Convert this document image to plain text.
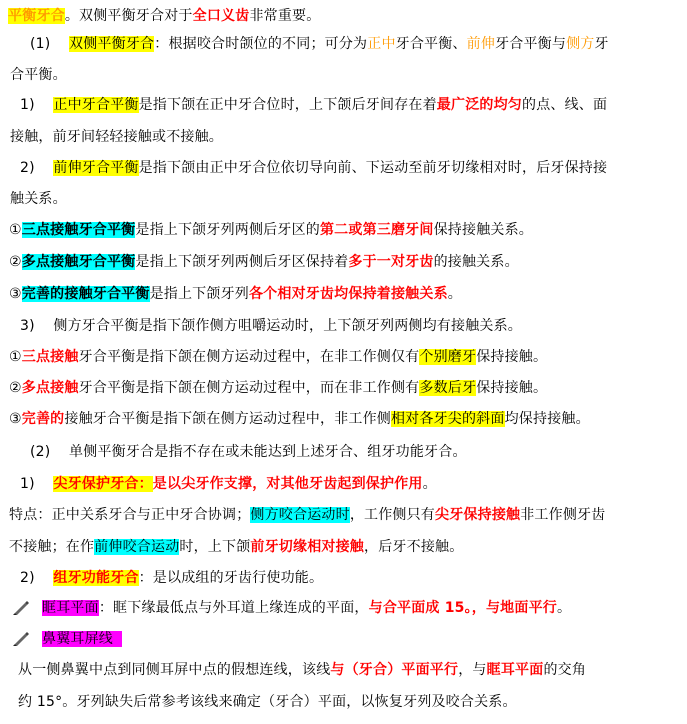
平衡牙合。双侧平衡牙合对于全口义齿非常重要。
(1) 双侧平衡牙合：根据咬合时颌位的不同；可分为正中牙合平衡、前伸牙合平衡与侧方牙
合平衡。
1) 正中牙合平衡是指下颌在正中牙合位时，上下颌后牙间存在着最广泛的均匀的点、线、面
接触，前牙间轻轻接触或不接触。
2) 前伸牙合平衡是指下颌由正中牙合位依切导向前、下运动至前牙切缘相对时，后牙保持接
触关系。
①三点接触牙合平衡是指上下颌牙列两侧后牙区的第二或第三磨牙间保持接触关系。
②多点接触牙合平衡是指上下颌牙列两侧后牙区保持着多于一对牙齿的接触关系。
③完善的接触牙合平衡是指上下颌牙列各个相对牙齿均保持着接触关系。
3) 侧方牙合平衡是指下颌作侧方咀嚼运动时，上下颌牙列两侧均有接触关系。
①三点接触牙合平衡是指下颌在侧方运动过程中，在非工作侧仅有个别磨牙保持接触。
②多点接触牙合平衡是指下颌在侧方运动过程中，而在非工作侧有多数后牙保持接触。
③完善的接触牙合平衡是指下颌在侧方运动过程中，非工作侧相对各牙尖的斜面均保持接触。
(2) 单侧平衡牙合是指不存在或未能达到上述牙合、组牙功能牙合。
1) 尖牙保护牙合：是以尖牙作支撑，对其他牙齿起到保护作用。
特点：正中关系牙合与正中牙合协调；侧方咬合运动时，工作侧只有尖牙保持接触非工作侧牙齿
不接触；在作前伸咬合运动时，上下颌前牙切缘相对接触，后牙不接触。
2) 组牙功能牙合：是以成组的牙齿行使功能。
眶耳平面：眶下缘最低点与外耳道上缘连成的平面，与合平面成 15。，与地面平行。
鼻翼耳屏线
从一侧鼻翼中点到同侧耳屏中点的假想连线，该线与（牙合）平面平行，与眶耳平面的交角
约 15°。牙列缺失后常参考该线来确定（牙合）平面，以恢复牙列及咬合关系。
